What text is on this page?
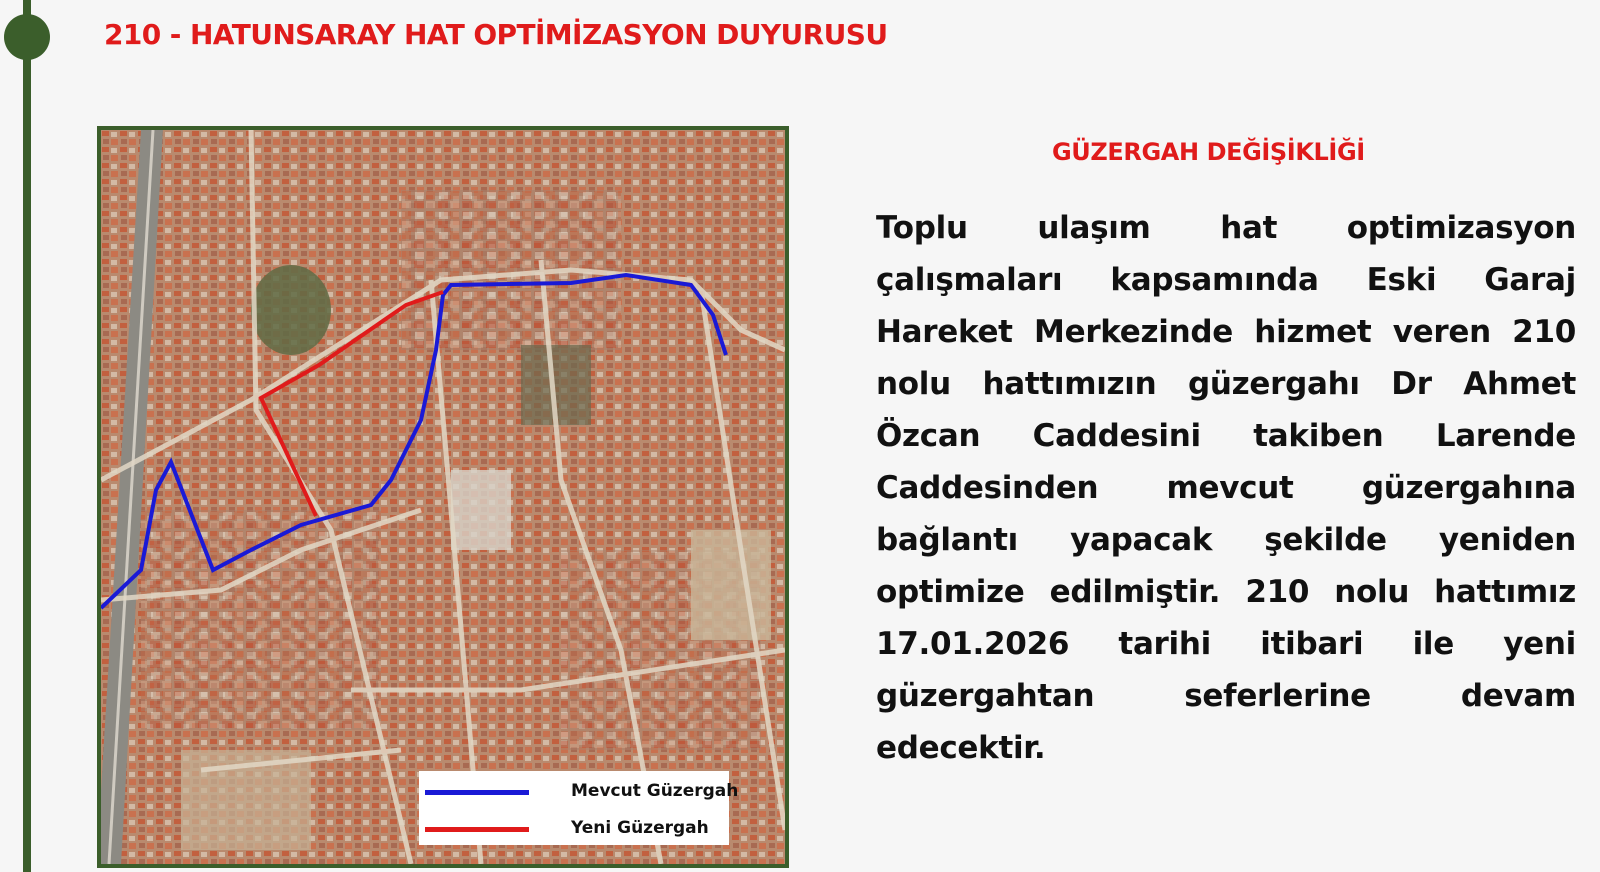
210 - HATUNSARAY HAT OPTİMİZASYON DUYURUSU
Mevcut Güzergah
Yeni Güzergah
GÜZERGAH DEĞİŞİKLİĞİ

Toplu ulaşım hat optimizasyon çalışmaları kapsamında Eski Garaj Hareket Merkezinde hizmet veren 210 nolu hattımızın güzergahı Dr Ahmet Özcan Caddesini takiben Larende Caddesinden mevcut güzergahına bağlantı yapacak şekilde yeniden optimize edilmiştir. 210 nolu hattımız 17.01.2026 tarihi itibari ile yeni güzergahtan seferlerine devam edecektir.
